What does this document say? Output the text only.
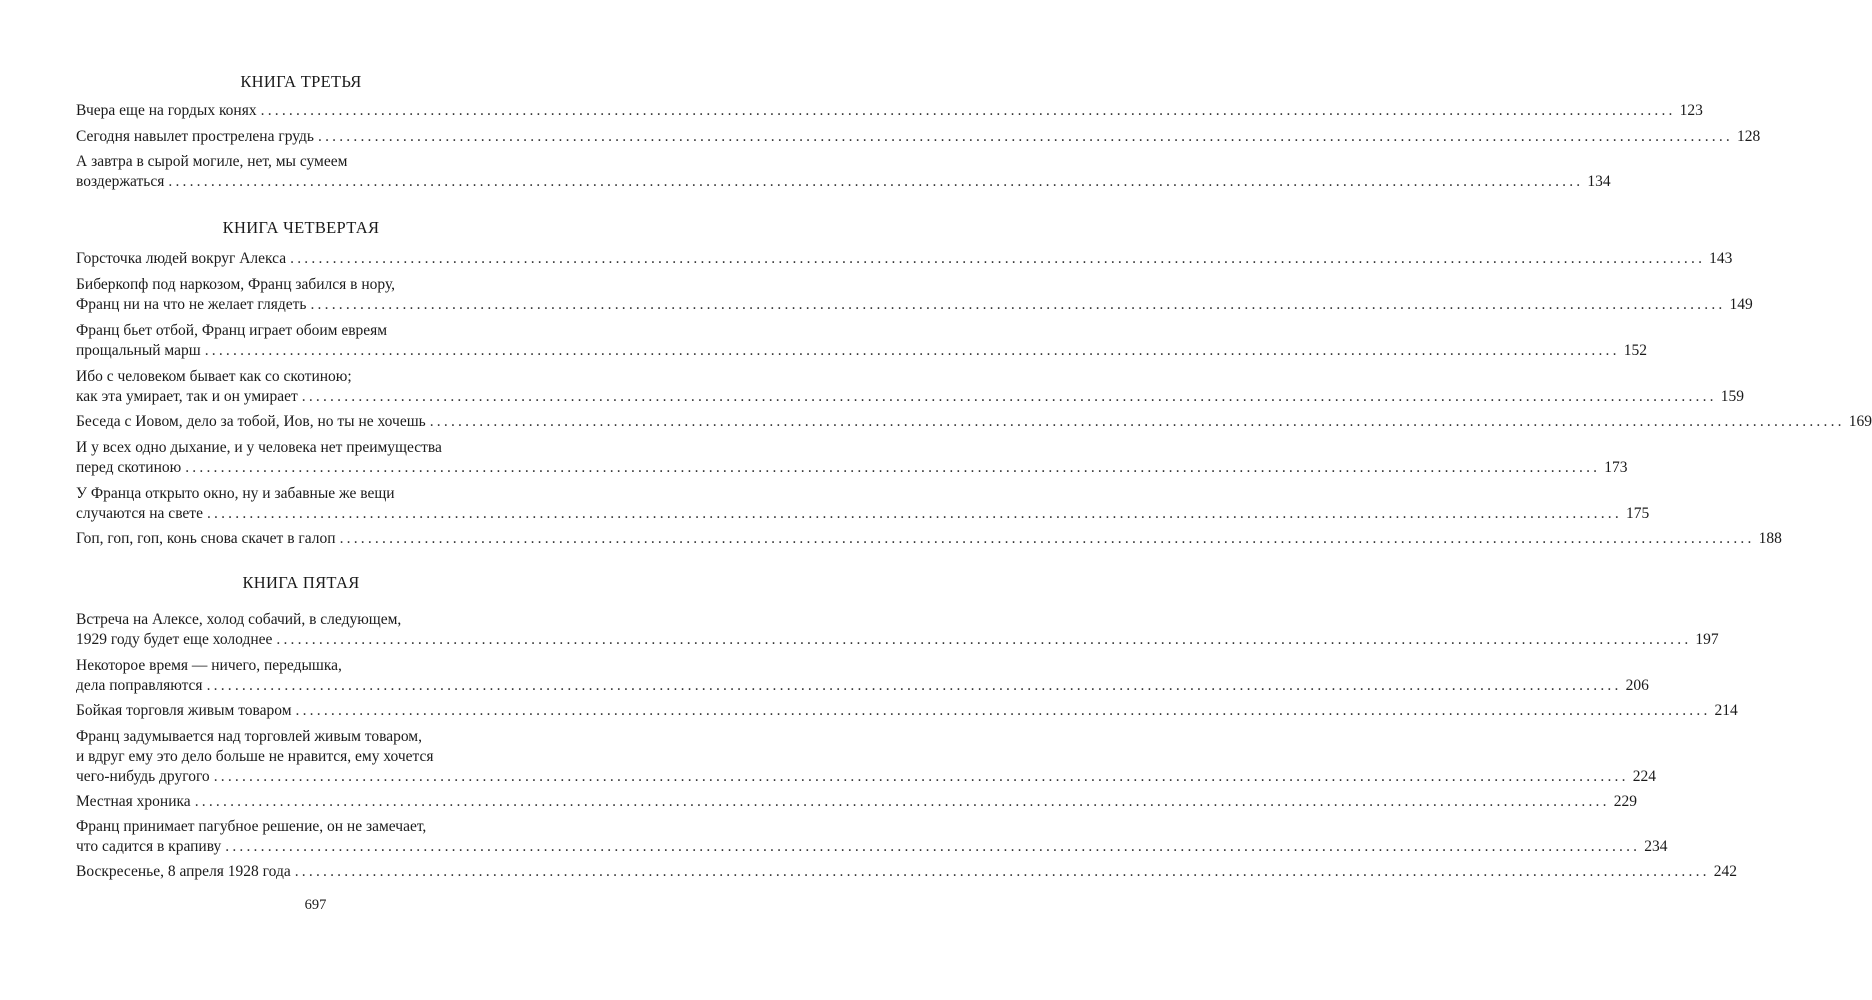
КНИГА ТРЕТЬЯ
Вчера еще на гордых конях ........................................................................................................................................................................................................ 123
Сегодня навылет прострелена грудь ........................................................................................................................................................................................................ 128
А завтра в сырой могиле, нет, мы сумеем
воздержаться ........................................................................................................................................................................................................ 134
КНИГА ЧЕТВЕРТАЯ
Горсточка людей вокруг Алекса ........................................................................................................................................................................................................ 143
Биберкопф под наркозом, Франц забился в нору,
Франц ни на что не желает глядеть ........................................................................................................................................................................................................ 149
Франц бьет отбой, Франц играет обоим евреям
прощальный марш ........................................................................................................................................................................................................ 152
Ибо с человеком бывает как со скотиною;
как эта умирает, так и он умирает ........................................................................................................................................................................................................ 159
Беседа с Иовом, дело за тобой, Иов, но ты не хочешь ........................................................................................................................................................................................................ 169
И у всех одно дыхание, и у человека нет преимущества
перед скотиною ........................................................................................................................................................................................................ 173
У Франца открыто окно, ну и забавные же вещи
случаются на свете ........................................................................................................................................................................................................ 175
Гоп, гоп, гоп, конь снова скачет в галоп ........................................................................................................................................................................................................ 188
КНИГА ПЯТАЯ
Встреча на Алексе, холод собачий, в следующем,
1929 году будет еще холоднее ........................................................................................................................................................................................................ 197
Некоторое время — ничего, передышка,
дела поправляются ........................................................................................................................................................................................................ 206
Бойкая торговля живым товаром ........................................................................................................................................................................................................ 214
Франц задумывается над торговлей живым товаром,
и вдруг ему это дело больше не нравится, ему хочется
чего-нибудь другого ........................................................................................................................................................................................................ 224
Местная хроника ........................................................................................................................................................................................................ 229
Франц принимает пагубное решение, он не замечает,
что садится в крапиву ........................................................................................................................................................................................................ 234
Воскресенье, 8 апреля 1928 года ........................................................................................................................................................................................................ 242
697
